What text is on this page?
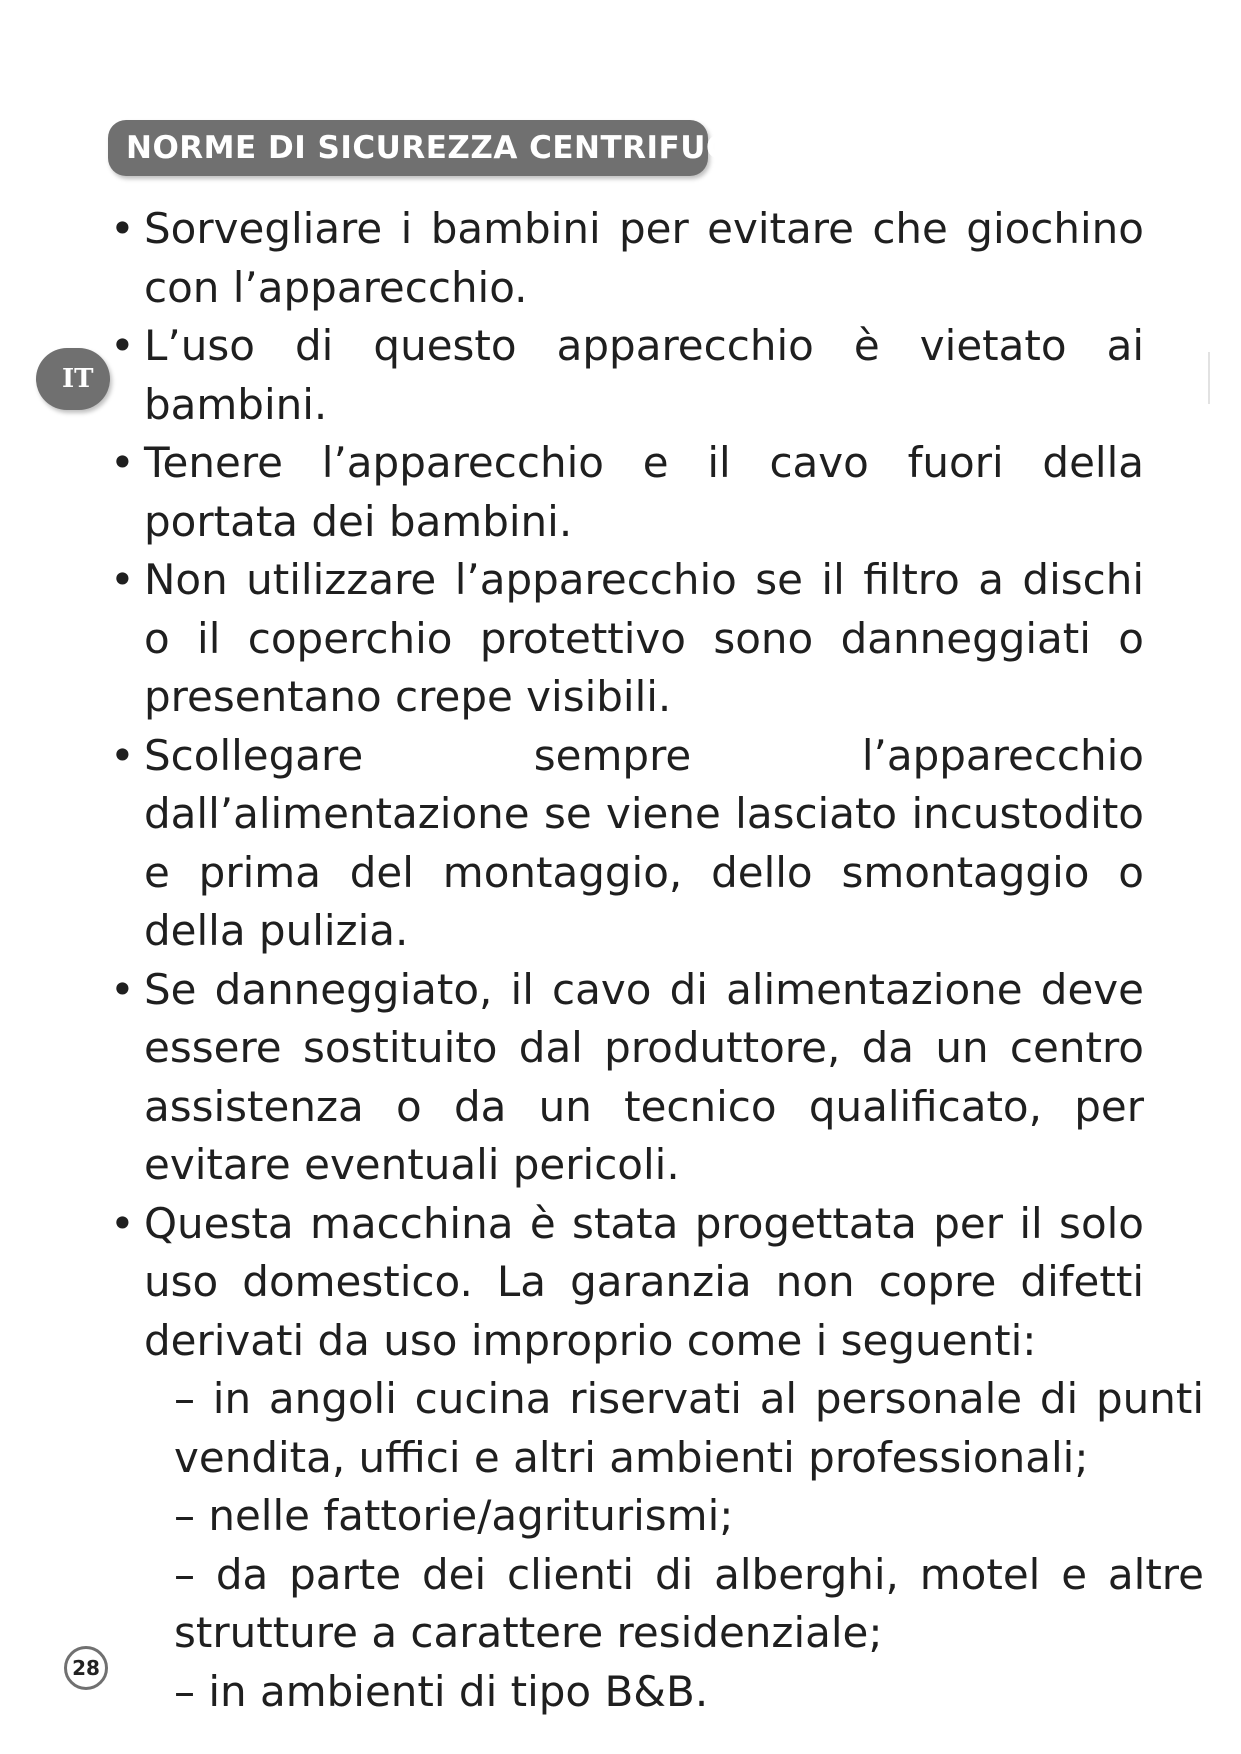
NORME DI SICUREZZA CENTRIFUGA
IT
• Sorvegliare i bambini per evitare che giochino con l’apparecchio.
• L’uso di questo apparecchio è vietato ai bambini.
• Tenere l’apparecchio e il cavo fuori della portata dei bambini.
• Non utilizzare l’apparecchio se il filtro a dischi o il coperchio protettivo sono danneggiati o presentano crepe visibili.
• Scollegare sempre l’apparecchio dall’alimentazione se viene lasciato incustodito e prima del montaggio, dello smontaggio o della pulizia.
• Se danneggiato, il cavo di alimentazione deve essere sostituito dal produttore, da un centro assistenza o da un tecnico qualificato, per evitare eventuali pericoli.
• Questa macchina è stata progettata per il solo uso domestico. La garanzia non copre difetti derivati da uso improprio come i seguenti:
– in angoli cucina riservati al personale di punti vendita, uffici e altri ambienti professionali;
– nelle fattorie/agriturismi;
– da parte dei clienti di alberghi, motel e altre strutture a carattere residenziale;
– in ambienti di tipo B&B.
28
